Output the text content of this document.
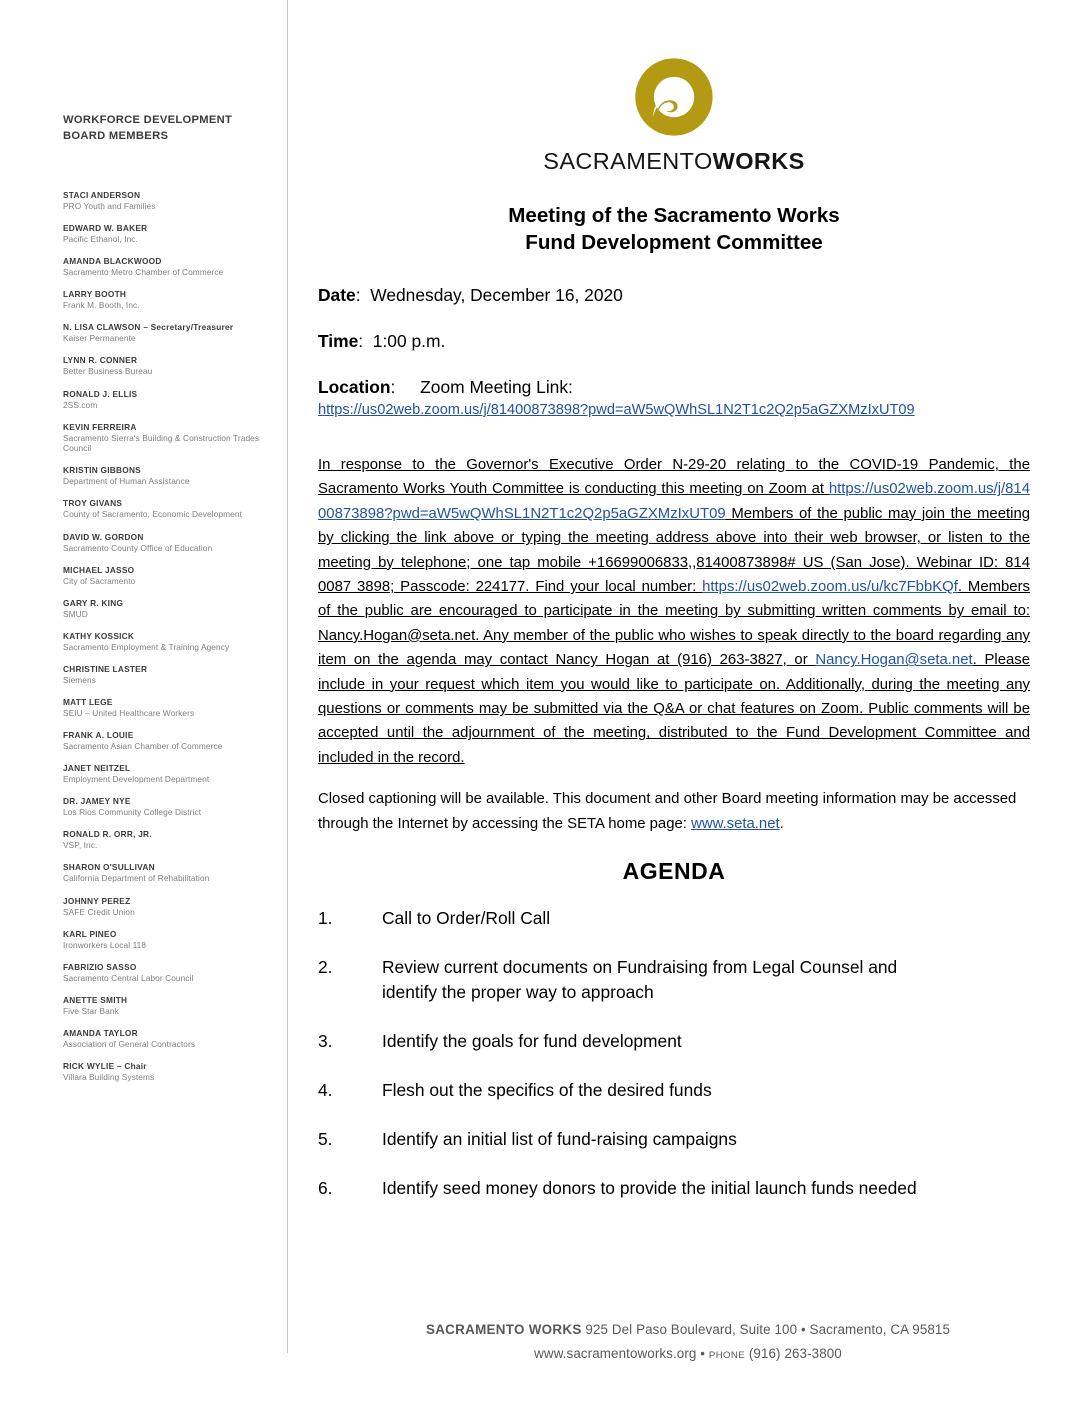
WORKFORCE DEVELOPMENT BOARD MEMBERS
STACI ANDERSON
PRO Youth and Families
EDWARD W. BAKER
Pacific Ethanol, Inc.
AMANDA BLACKWOOD
Sacramento Metro Chamber of Commerce
LARRY BOOTH
Frank M. Booth, Inc.
N. LISA CLAWSON – Secretary/Treasurer
Kaiser Permanente
LYNN R. CONNER
Better Business Bureau
RONALD J. ELLIS
2SS.com
KEVIN FERREIRA
Sacramento Sierra's Building & Construction Trades Council
KRISTIN GIBBONS
Department of Human Assistance
TROY GIVANS
County of Sacramento, Economic Development
DAVID W. GORDON
Sacramento County Office of Education
MICHAEL JASSO
City of Sacramento
GARY R. KING
SMUD
KATHY KOSSICK
Sacramento Employment & Training Agency
CHRISTINE LASTER
Siemens
MATT LEGE
SEIU – United Healthcare Workers
FRANK A. LOUIE
Sacramento Asian Chamber of Commerce
JANET NEITZEL
Employment Development Department
DR. JAMEY NYE
Los Rios Community College District
RONALD R. ORR, JR.
VSP, Inc.
SHARON O'SULLIVAN
California Department of Rehabilitation
JOHNNY PEREZ
SAFE Credit Union
KARL PINEO
Ironworkers Local 118
FABRIZIO SASSO
Sacramento Central Labor Council
ANETTE SMITH
Five Star Bank
AMANDA TAYLOR
Association of General Contractors
RICK WYLIE – Chair
Villara Building Systems
SACRAMENTOWORKS
Meeting of the Sacramento Works
Fund Development Committee
Date: Wednesday, December 16, 2020
Time: 1:00 p.m.
Location: Zoom Meeting Link:
https://us02web.zoom.us/j/81400873898?pwd=aW5wQWhSL1N2T1c2Q2p5aGZXMzIxUT09

In response to the Governor's Executive Order N-29-20 relating to the COVID-19 Pandemic, the Sacramento Works Youth Committee is conducting this meeting on Zoom at https://us02web.zoom.us/j/81400873898?pwd=aW5wQWhSL1N2T1c2Q2p5aGZXMzIxUT09 Members of the public may join the meeting by clicking the link above or typing the meeting address above into their web browser, or listen to the meeting by telephone; one tap mobile +16699006833,,81400873898# US (San Jose). Webinar ID: 814 0087 3898; Passcode: 224177. Find your local number: https://us02web.zoom.us/u/kc7FbbKQf. Members of the public are encouraged to participate in the meeting by submitting written comments by email to: Nancy.Hogan@seta.net. Any member of the public who wishes to speak directly to the board regarding any item on the agenda may contact Nancy Hogan at (916) 263-3827, or Nancy.Hogan@seta.net. Please include in your request which item you would like to participate on. Additionally, during the meeting any questions or comments may be submitted via the Q&A or chat features on Zoom. Public comments will be accepted until the adjournment of the meeting, distributed to the Fund Development Committee and included in the record.

Closed captioning will be available. This document and other Board meeting information may be accessed through the Internet by accessing the SETA home page: www.seta.net.

AGENDA
1.	Call to Order/Roll Call
2.	Review current documents on Fundraising from Legal Counsel and identify the proper way to approach
3.	Identify the goals for fund development
4.	Flesh out the specifics of the desired funds
5.	Identify an initial list of fund-raising campaigns
6.	Identify seed money donors to provide the initial launch funds needed
SACRAMENTO WORKS 925 Del Paso Boulevard, Suite 100 • Sacramento, CA 95815
www.sacramentoworks.org • PHONE (916) 263-3800
